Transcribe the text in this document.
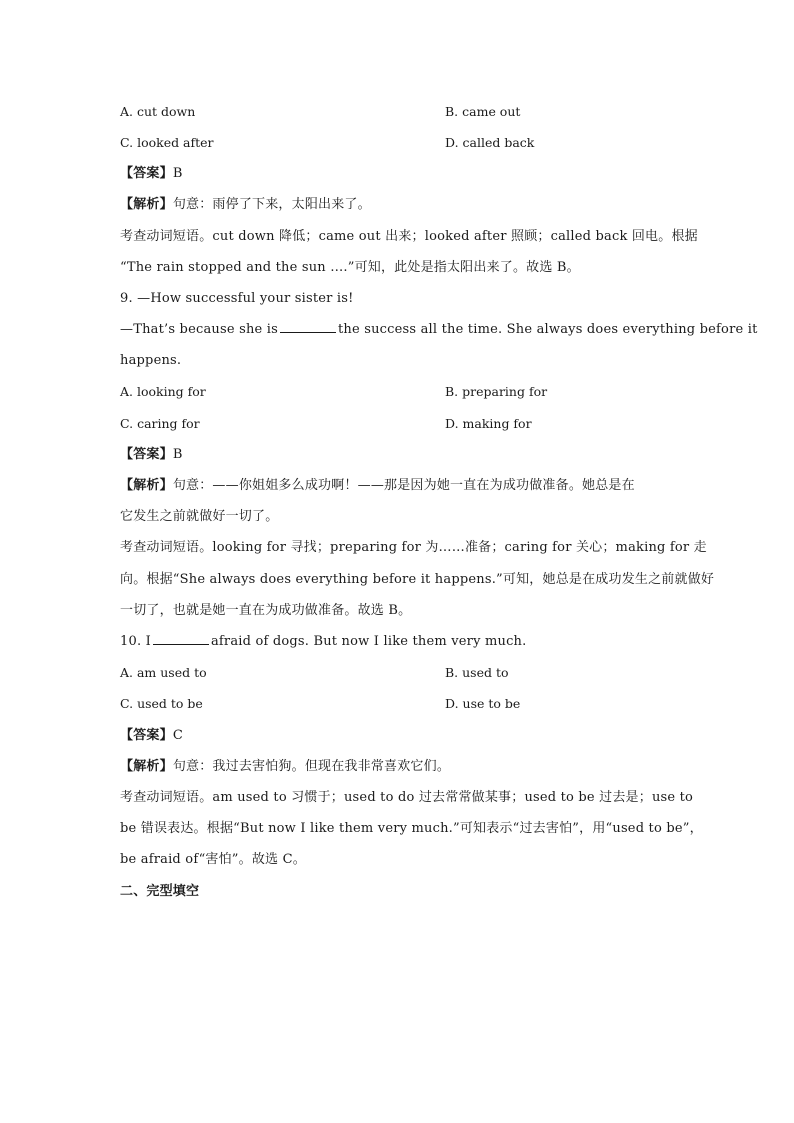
A. cut down	B. came out
C. looked after	D. called back
【答案】B
【解析】句意：雨停了下来，太阳出来了。
考查动词短语。cut down 降低；came out 出来；looked after 照顾；called back 回电。根据
“The rain stopped and the sun ….”可知，此处是指太阳出来了。故选 B。
9. —How successful your sister is!
—That’s because she is	the success all the time. She always does everything before it
happens.
A. looking for	B. preparing for
C. caring for	D. making for
【答案】B
【解析】句意：——你姐姐多么成功啊！——那是因为她一直在为成功做准备。她总是在
它发生之前就做好一切了。
考查动词短语。looking for 寻找；preparing for 为……准备；caring for 关心；making for 走
向。根据“She always does everything before it happens.”可知，她总是在成功发生之前就做好
一切了，也就是她一直在为成功做准备。故选 B。
10. I	afraid of dogs. But now I like them very much.
A. am used to	B. used to
C. used to be	D. use to be
【答案】C
【解析】句意：我过去害怕狗。但现在我非常喜欢它们。
考查动词短语。am used to 习惯于；used to do 过去常常做某事；used to be 过去是；use to
be 错误表达。根据“But now I like them very much.”可知表示“过去害怕”，用“used to be”，
be afraid of“害怕”。故选 C。
二、完型填空
